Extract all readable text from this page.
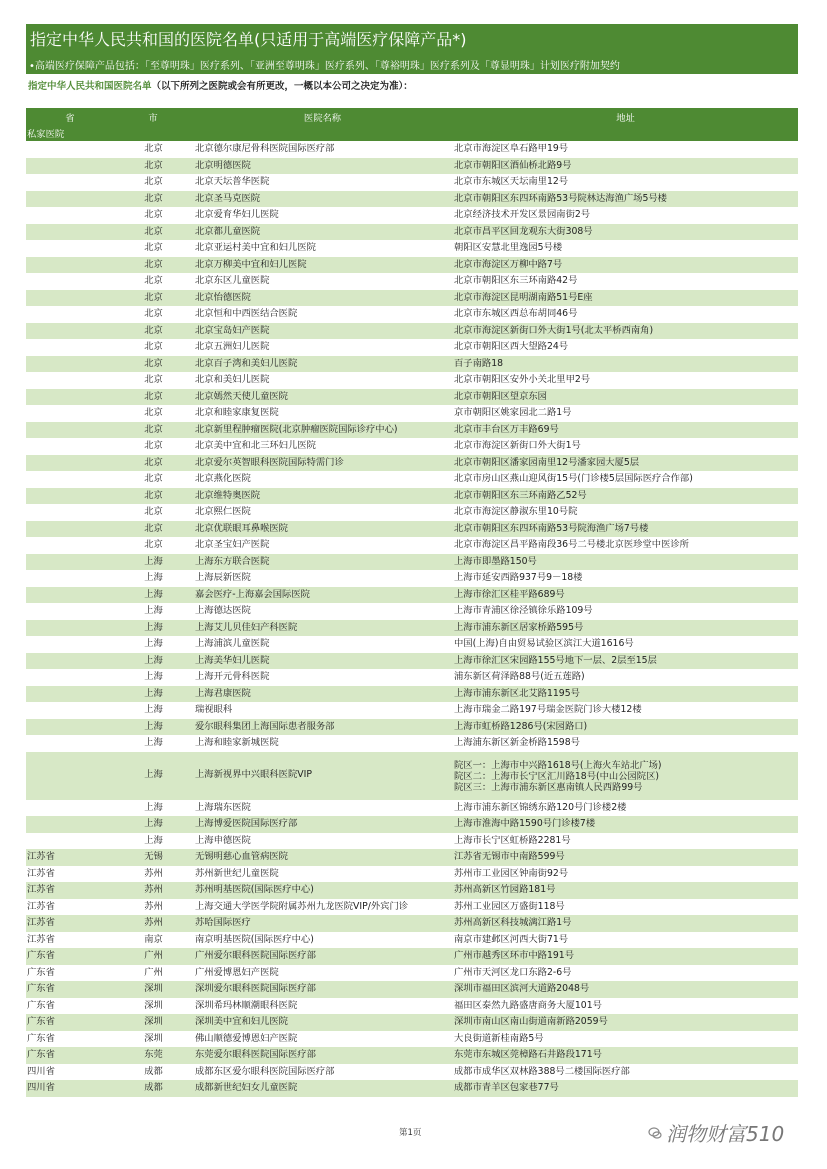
指定中华人民共和国的医院名单(只适用于高端医疗保障产品*)
•高端医疗保障产品包括：「至尊明珠」医疗系列、「亚洲至尊明珠」医疗系列、「尊裕明珠」医疗系列及「尊显明珠」计划医疗附加契约
指定中华人民共和国医院名单（以下所列之医院或会有所更改，一概以本公司之决定为准）：
省	市	医院名称	地址
私家医院			
	北京	北京德尔康尼骨科医院国际医疗部	北京市海淀区阜石路甲19号
	北京	北京明德医院	北京市朝阳区酒仙桥北路9号
	北京	北京天坛普华医院	北京市东城区天坛南里12号
	北京	北京圣马克医院	北京市朝阳区东四环南路53号院林达海渔广场5号楼
	北京	北京爱育华妇儿医院	北京经济技术开发区景园南街2号
	北京	北京都儿童医院	北京市昌平区回龙观东大街308号
	北京	北京亚运村美中宜和妇儿医院	朝阳区安慧北里逸园5号楼
	北京	北京万柳美中宜和妇儿医院	北京市海淀区万柳中路7号
	北京	北京东区儿童医院	北京市朝阳区东三环南路42号
	北京	北京怡德医院	北京市海淀区昆明湖南路51号E座
	北京	北京恒和中西医结合医院	北京市东城区西总布胡同46号
	北京	北京宝岛妇产医院	北京市海淀区新街口外大街1号(北太平桥西南角)
	北京	北京五洲妇儿医院	北京市朝阳区西大望路24号
	北京	北京百子湾和美妇儿医院	百子南路18
	北京	北京和美妇儿医院	北京市朝阳区安外小关北里甲2号
	北京	北京嫣然天使儿童医院	北京市朝阳区望京东园
	北京	北京和睦家康复医院	京市朝阳区姚家园北二路1号
	北京	北京新里程肿瘤医院(北京肿瘤医院国际诊疗中心)	北京市丰台区万丰路69号
	北京	北京美中宜和北三环妇儿医院	北京市海淀区新街口外大街1号
	北京	北京爱尔英智眼科医院国际特需门诊	北京市朝阳区潘家园南里12号潘家园大厦5层
	北京	北京燕化医院	北京市房山区燕山迎风街15号(门诊楼5层国际医疗合作部)
	北京	北京维特奥医院	北京市朝阳区东三环南路乙52号
	北京	北京熙仁医院	北京市海淀区静淑东里10号院
	北京	北京优联眼耳鼻喉医院	北京市朝阳区东四环南路53号院海渔广场7号楼
	北京	北京圣宝妇产医院	北京市海淀区昌平路南段36号二号楼北京医珍堂中医诊所
	上海	上海东方联合医院	上海市即墨路150号
	上海	上海辰新医院	上海市延安西路937号9－18楼
	上海	嘉会医疗-上海嘉会国际医院	上海市徐汇区桂平路689号
	上海	上海德达医院	上海市青浦区徐泾镇徐乐路109号
	上海	上海艾儿贝佳妇产科医院	上海市浦东新区居家桥路595号
	上海	上海浦滨儿童医院	中国(上海)自由贸易试验区滨江大道1616号
	上海	上海美华妇儿医院	上海市徐汇区宋园路155号地下一层、2层至15层
	上海	上海开元骨科医院	浦东新区荷泽路88号(近五莲路)
	上海	上海君康医院	上海市浦东新区北艾路1195号
	上海	瑞视眼科	上海市瑞金二路197号瑞金医院门诊大楼12楼
	上海	爱尔眼科集团上海国际患者服务部	上海市虹桥路1286号(宋园路口)
	上海	上海和睦家新城医院	上海浦东新区新金桥路1598号
	上海	上海新视界中兴眼科医院VIP	院区一：上海市中兴路1618号(上海火车站北广场)
院区二：上海市长宁区汇川路18号(中山公园院区)
院区三：上海市浦东新区惠南镇人民西路99号
	上海	上海瑞东医院	上海市浦东新区锦绣东路120号门诊楼2楼
	上海	上海博爱医院国际医疗部	上海市淮海中路1590号门诊楼7楼
	上海	上海申德医院	上海市长宁区虹桥路2281号
江苏省	无锡	无锡明慈心血管病医院	江苏省无锡市中南路599号
江苏省	苏州	苏州新世纪儿童医院	苏州市工业园区钟南街92号
江苏省	苏州	苏州明基医院(国际医疗中心)	苏州高新区竹园路181号
江苏省	苏州	上海交通大学医学院附属苏州九龙医院VIP/外宾门诊	苏州工业园区万盛街118号
江苏省	苏州	苏哈国际医疗	苏州高新区科技城漓江路1号
江苏省	南京	南京明基医院(国际医疗中心)	南京市建邺区河西大街71号
广东省	广州	广州爱尔眼科医院国际医疗部	广州市越秀区环市中路191号
广东省	广州	广州爱博恩妇产医院	广州市天河区龙口东路2-6号
广东省	深圳	深圳爱尔眼科医院国际医疗部	深圳市福田区滨河大道路2048号
广东省	深圳	深圳希玛林顺潮眼科医院	福田区泰然九路盛唐商务大厦101号
广东省	深圳	深圳美中宜和妇儿医院	深圳市南山区南山街道南新路2059号
广东省	深圳	佛山顺德爱博恩妇产医院	大良街道新桂南路5号
广东省	东莞	东莞爱尔眼科医院国际医疗部	东莞市东城区莞樟路石井路段171号
四川省	成都	成都东区爱尔眼科医院国际医疗部	成都市成华区双林路388号二楼国际医疗部
四川省	成都	成都新世纪妇女儿童医院	成都市青羊区包家巷77号
第1页	润物财富510
